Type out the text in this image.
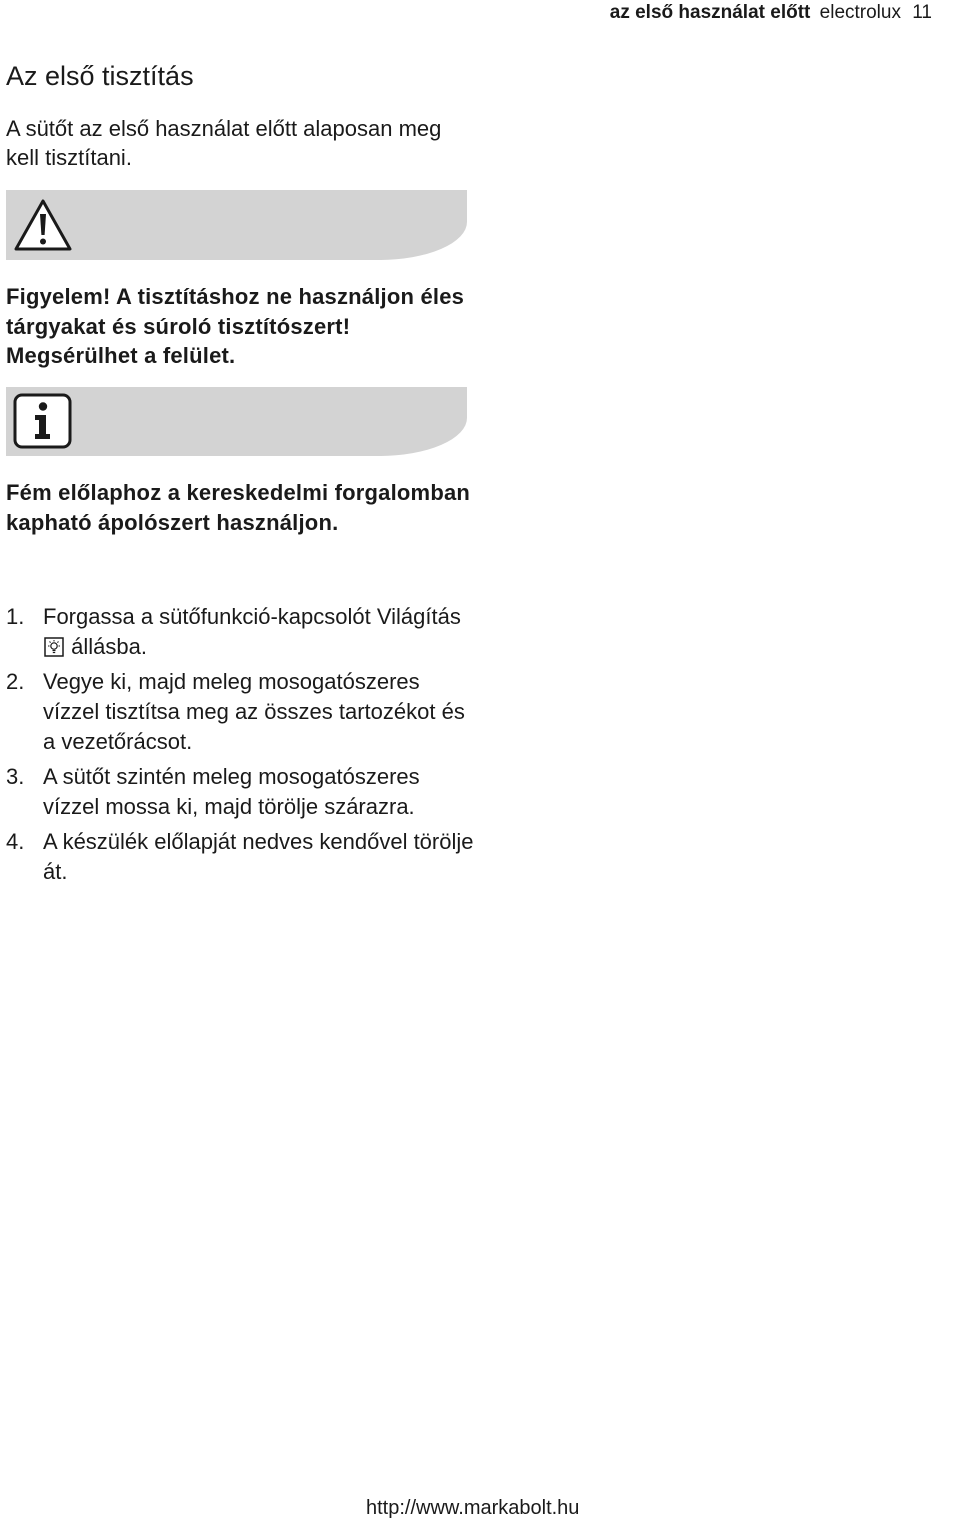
az első használat előtt electrolux 11
Az első tisztítás

A sütőt az első használat előtt alaposan meg kell tisztítani.

Figyelem! A tisztításhoz ne használjon éles tárgyakat és súroló tisztítószert! Megsérülhet a felület.

Fém előlaphoz a kereskedelmi forgalomban kapható ápolószert használjon.

1. Forgassa a sütőfunkció-kapcsolót Világítás  állásba.
2. Vegye ki, majd meleg mosogatószeres vízzel tisztítsa meg az összes tartozékot és a vezetőrácsot.
3. A sütőt szintén meleg mosogatószeres vízzel mossa ki, majd törölje szárazra.
4. A készülék előlapját nedves kendővel törölje át.
http://www.markabolt.hu
